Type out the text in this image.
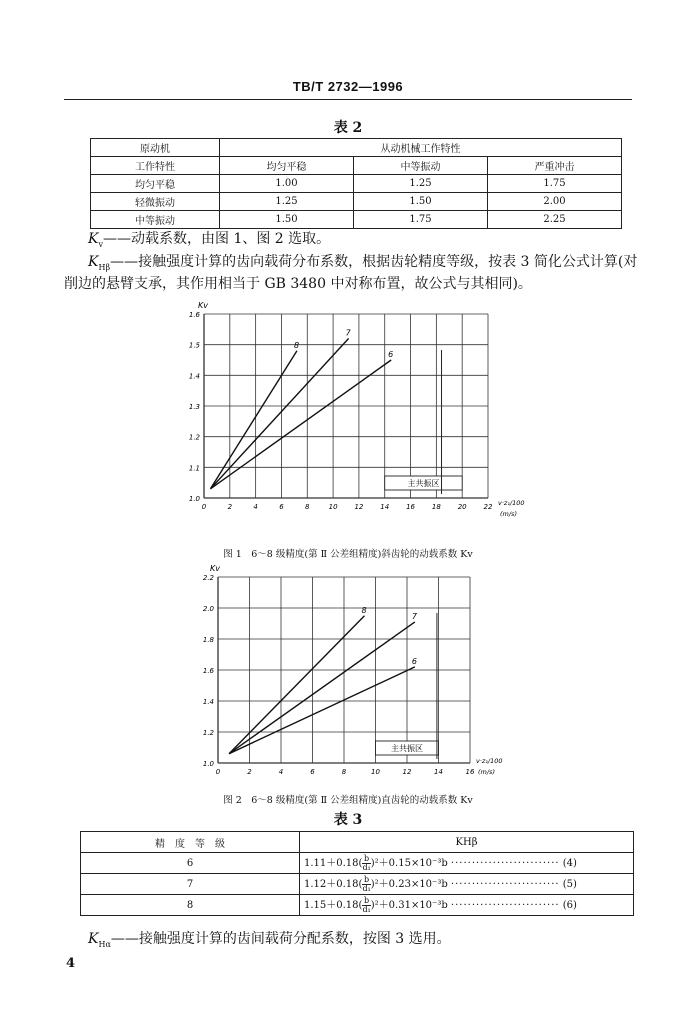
TB/T 2732—1996
表 2
原动机	从动机械工作特性		
工作特性	均匀平稳	中等振动	严重冲击
均匀平稳	1.00	1.25	1.75
轻微振动	1.25	1.50	2.00
中等振动	1.50	1.75	2.25
$K_v——$动载系数，由图 1、图 2 选取。
$K_{H\beta}——$接触强度计算的齿向载荷分布系数，根据齿轮精度等级，按表 3 简化公式计算(对
削边的悬臂支承，其作用相当于 GB 3480 中对称布置，故公式与其相同)。
主共振区
8
7
6
0	2	4	6	8	10 12 14 16 18 20 22
1.0
1.1
1.2
1.3
1.4
1.5
1.6
Kv
v·z₁/100
(m/s)
图 1　6～8 级精度(第 Ⅱ 公差组精度)斜齿轮的动载系数 Kv
主共振区
8
7
6
0	2	4	6	8	10	12	14	16
1.0
1.2
1.4
1.6
1.8
2.0
2.2
Kv
v·z₁/100
(m/s)
图 2　6～8 级精度(第 Ⅱ 公差组精度)直齿轮的动载系数 Kv
表 3
精　度　等　级	KHβ
6	$1.11+0.18( \frac{b}{\text{d₁}} )^2+0.15\times 10^{-3}b$ ·························· (4)
7	$1.12+0.18( \frac{b}{\text{d₁}} )^2+0.23\times 10^{-3}b$ ·························· (5)
8	$1.15+0.18( \frac{b}{\text{d₁}} )^2+0.31\times 10^{-3}b$ ·························· (6)
$K_{H\alpha}——$接触强度计算的齿间载荷分配系数，按图 3 选用。
4
